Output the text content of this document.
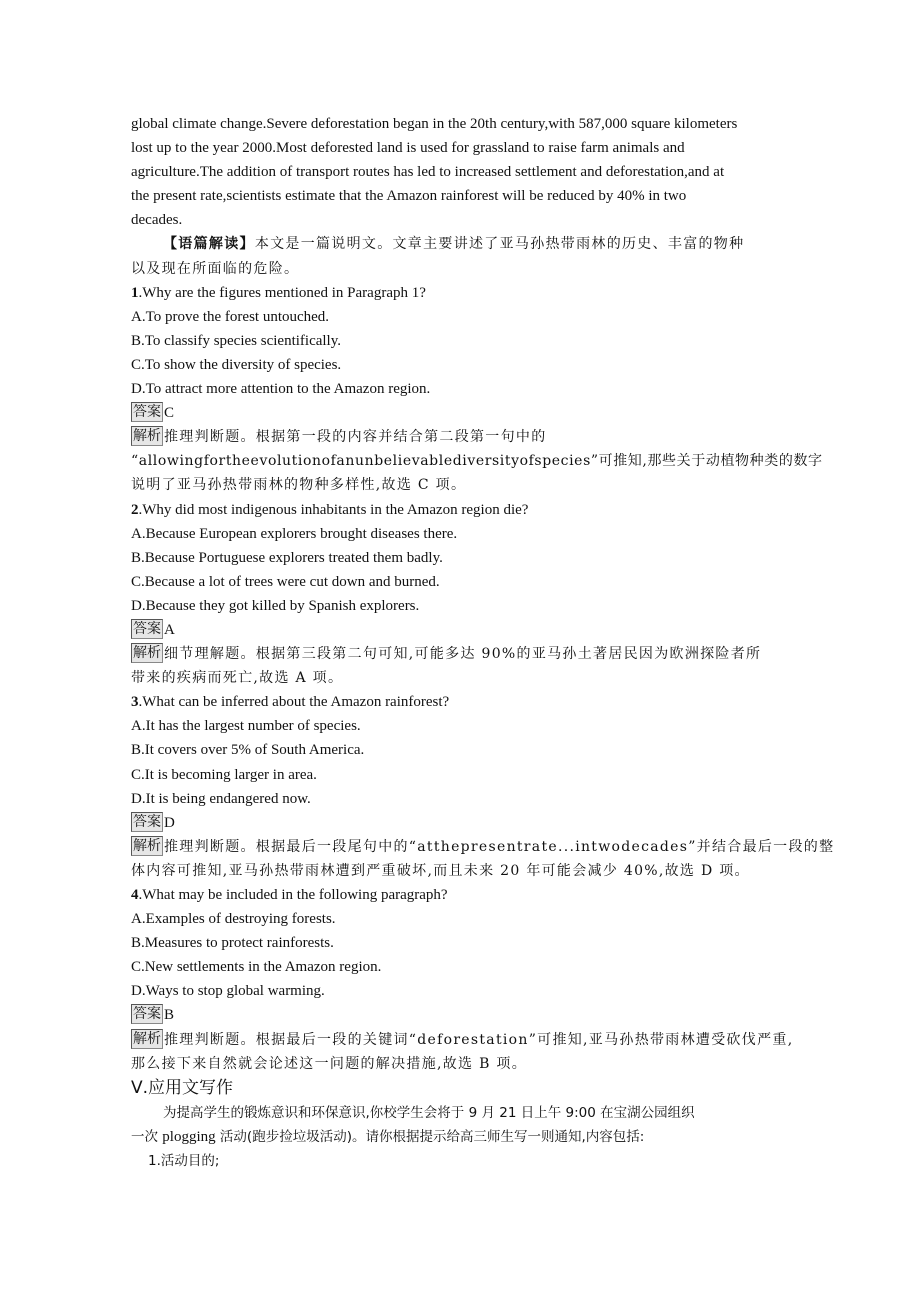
global climate change.Severe deforestation began in the 20th century,with 587,000 square kilometers
lost up to the year 2000.Most deforested land is used for grassland to raise farm animals and
agriculture.The addition of transport routes has led to increased settlement and deforestation,and at
the present rate,scientists estimate that the Amazon rainforest will be reduced by 40% in two
decades.
【语篇解读】本文是一篇说明文。文章主要讲述了亚马孙热带雨林的历史、丰富的物种
以及现在所面临的危险。
1.Why are the figures mentioned in Paragraph 1?
A.To prove the forest untouched.
B.To classify species scientifically.
C.To show the diversity of species.
D.To attract more attention to the Amazon region.
答案 C
解析 推理判断题。根据第一段的内容并结合第二段第一句中的
“allowingfortheevolutionofanunbelievablediversityofspecies”可推知,那些关于动植物种类的数字
说明了亚马孙热带雨林的物种多样性,故选 C 项。
2.Why did most indigenous inhabitants in the Amazon region die?
A.Because European explorers brought diseases there.
B.Because Portuguese explorers treated them badly.
C.Because a lot of trees were cut down and burned.
D.Because they got killed by Spanish explorers.
答案 A
解析 细节理解题。根据第三段第二句可知,可能多达 90%的亚马孙土著居民因为欧洲探险者所
带来的疾病而死亡,故选 A 项。
3.What can be inferred about the Amazon rainforest?
A.It has the largest number of species.
B.It covers over 5% of South America.
C.It is becoming larger in area.
D.It is being endangered now.
答案 D
解析 推理判断题。根据最后一段尾句中的“atthepresentrate...intwodecades”并结合最后一段的整
体内容可推知,亚马孙热带雨林遭到严重破坏,而且未来 20 年可能会减少 40%,故选 D 项。
4.What may be included in the following paragraph?
A.Examples of destroying forests.
B.Measures to protect rainforests.
C.New settlements in the Amazon region.
D.Ways to stop global warming.
答案 B
解析 推理判断题。根据最后一段的关键词“deforestation”可推知,亚马孙热带雨林遭受砍伐严重,
那么接下来自然就会论述这一问题的解决措施,故选 B 项。
Ⅴ.应用文写作
为提高学生的锻炼意识和环保意识,你校学生会将于 9 月 21 日上午 9:00 在宝湖公园组织
一次 plogging 活动(跑步捡垃圾活动)。请你根据提示给高三师生写一则通知,内容包括:
1.活动目的;
